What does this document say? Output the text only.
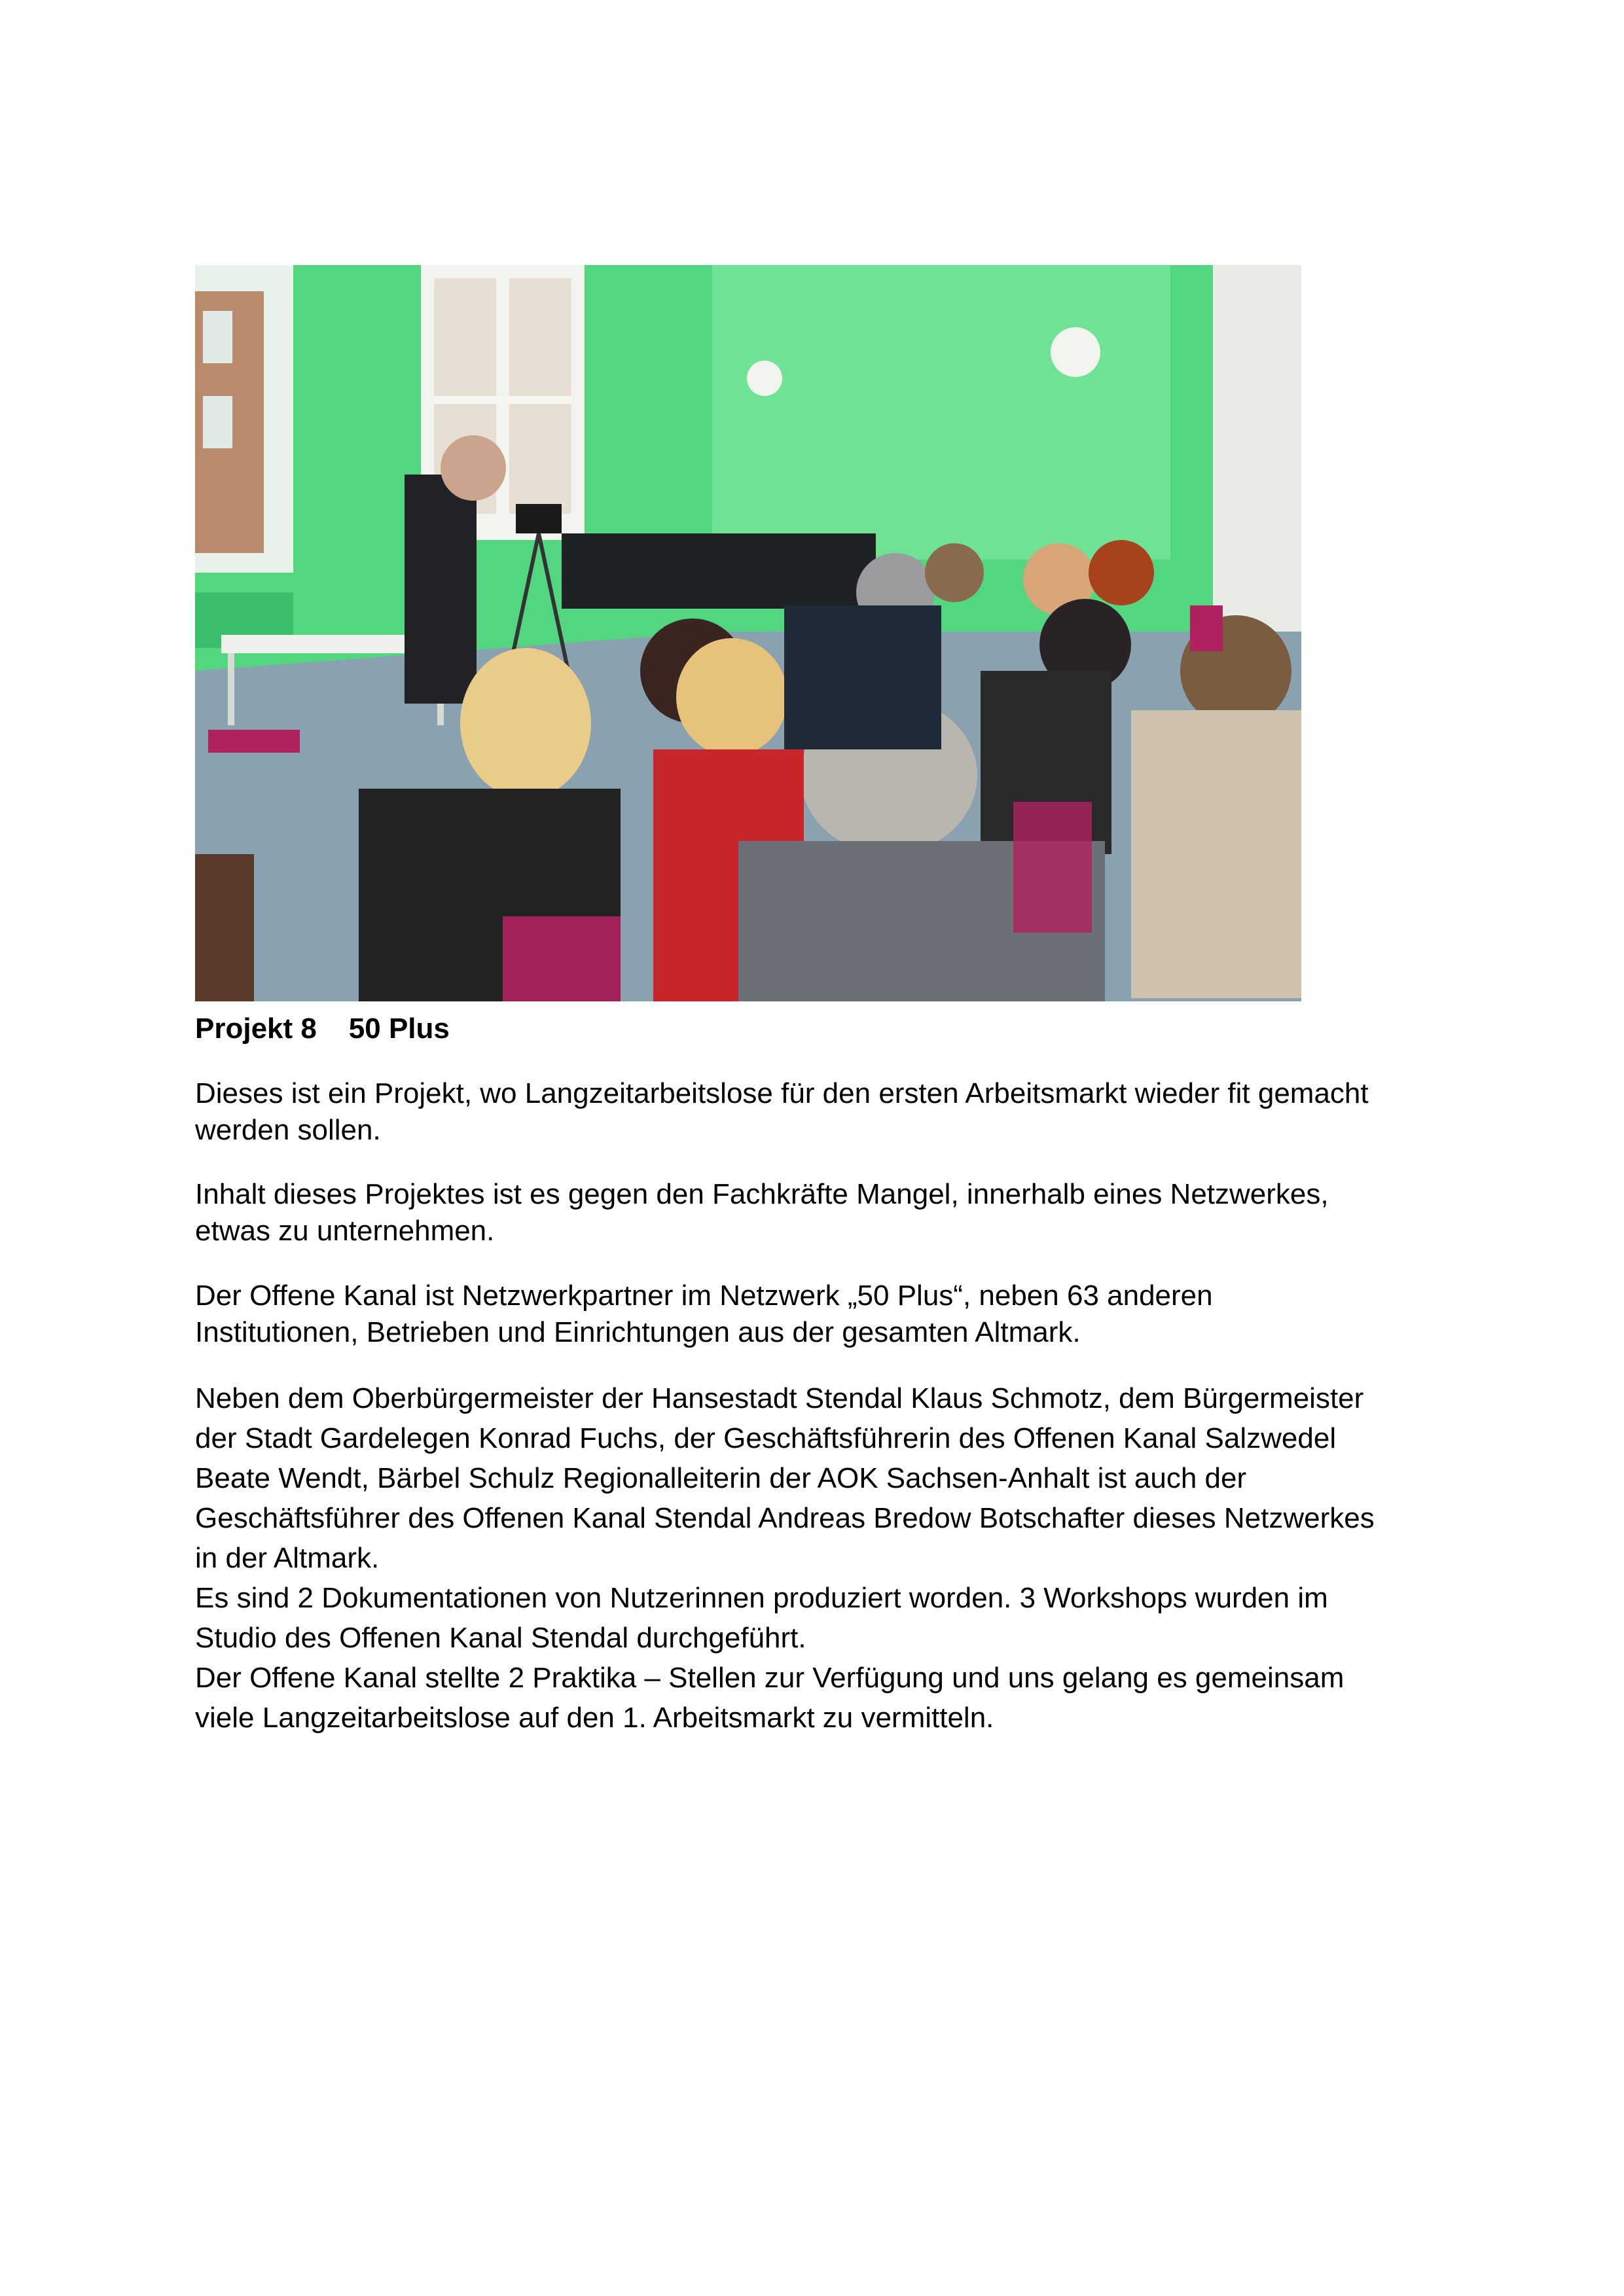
Projekt 8 50 Plus

Dieses ist ein Projekt, wo Langzeitarbeitslose für den ersten Arbeitsmarkt wieder fit gemacht
werden sollen.

Inhalt dieses Projektes ist es gegen den Fachkräfte Mangel, innerhalb eines Netzwerkes,
etwas zu unternehmen.

Der Offene Kanal ist Netzwerkpartner im Netzwerk „50 Plus“, neben 63 anderen
Institutionen, Betrieben und Einrichtungen aus der gesamten Altmark.

Neben dem Oberbürgermeister der Hansestadt Stendal Klaus Schmotz, dem Bürgermeister
der Stadt Gardelegen Konrad Fuchs, der Geschäftsführerin des Offenen Kanal Salzwedel
Beate Wendt, Bärbel Schulz Regionalleiterin der AOK Sachsen-Anhalt ist auch der
Geschäftsführer des Offenen Kanal Stendal Andreas Bredow Botschafter dieses Netzwerkes
in der Altmark.
Es sind 2 Dokumentationen von Nutzerinnen produziert worden. 3 Workshops wurden im
Studio des Offenen Kanal Stendal durchgeführt.
Der Offene Kanal stellte 2 Praktika – Stellen zur Verfügung und uns gelang es gemeinsam
viele Langzeitarbeitslose auf den 1. Arbeitsmarkt zu vermitteln.
